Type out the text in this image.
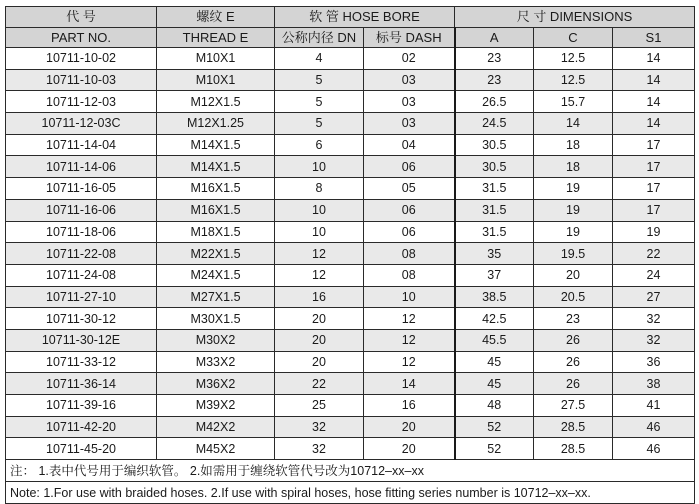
代 号	螺纹 E	软 管 HOSE BORE		尺 寸 DIMENSIONS		
PART NO.	THREAD E	公称内径 DN	标号 DASH	A	C	S1
10711-10-02	M10X1	4	02	23	12.5	14
10711-10-03	M10X1	5	03	23	12.5	14
10711-12-03	M12X1.5	5	03	26.5	15.7	14
10711-12-03C	M12X1.25	5	03	24.5	14	14
10711-14-04	M14X1.5	6	04	30.5	18	17
10711-14-06	M14X1.5	10	06	30.5	18	17
10711-16-05	M16X1.5	8	05	31.5	19	17
10711-16-06	M16X1.5	10	06	31.5	19	17
10711-18-06	M18X1.5	10	06	31.5	19	19
10711-22-08	M22X1.5	12	08	35	19.5	22
10711-24-08	M24X1.5	12	08	37	20	24
10711-27-10	M27X1.5	16	10	38.5	20.5	27
10711-30-12	M30X1.5	20	12	42.5	23	32
10711-30-12E	M30X2	20	12	45.5	26	32
10711-33-12	M33X2	20	12	45	26	36
10711-36-14	M36X2	22	14	45	26	38
10711-39-16	M39X2	25	16	48	27.5	41
10711-42-20	M42X2	32	20	52	28.5	46
10711-45-20	M45X2	32	20	52	28.5	46
注： 1.表中代号用于编织软管。 2.如需用于缠绕软管代号改为10712–xx–xx						
Note: 1.For use with braided hoses. 2.If use with spiral hoses, hose fitting series number is 10712–xx–xx.						
